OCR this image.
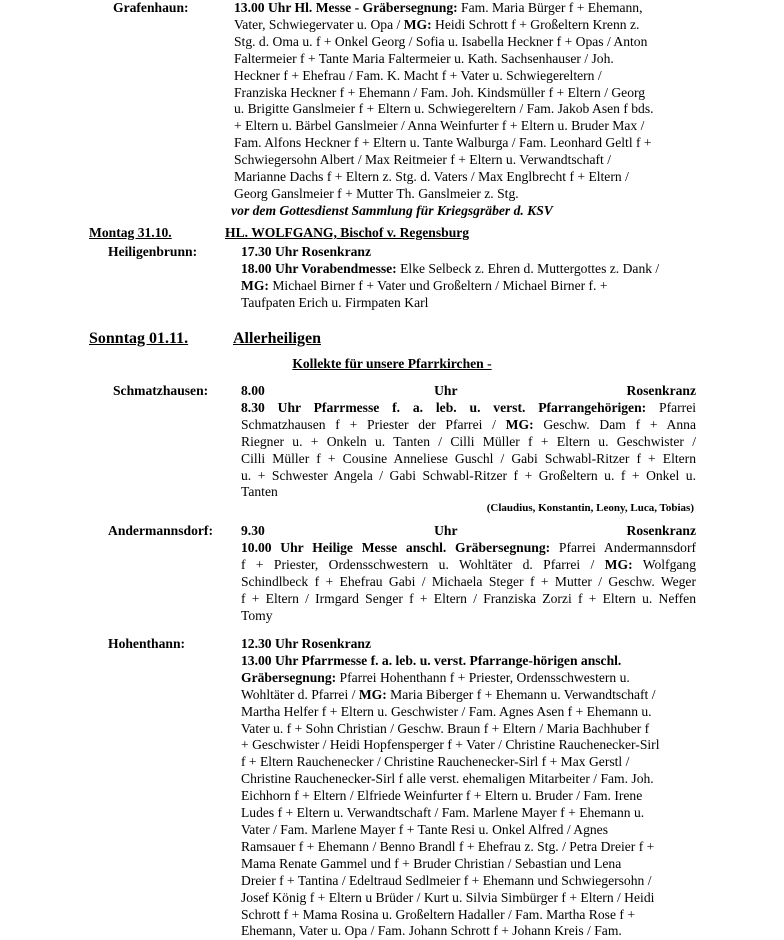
Grafenhaun:	13.00 Uhr Hl. Messe - Gräbersegnung: Fam. Maria Bürger f + Ehemann,
Vater, Schwiegervater u. Opa / MG: Heidi Schrott f + Großeltern Krenn z.
Stg. d. Oma u. f + Onkel Georg / Sofia u. Isabella Heckner f + Opas / Anton
Faltermeier f + Tante Maria Faltermeier u. Kath. Sachsenhauser / Joh.
Heckner f + Ehefrau / Fam. K. Macht f + Vater u. Schwiegereltern /
Franziska Heckner f + Ehemann / Fam. Joh. Kindsmüller f + Eltern / Georg
u. Brigitte Ganslmeier f + Eltern u. Schwiegereltern / Fam. Jakob Asen f bds.
+ Eltern u. Bärbel Ganslmeier / Anna Weinfurter f + Eltern u. Bruder Max /
Fam. Alfons Heckner f + Eltern u. Tante Walburga / Fam. Leonhard Geltl f +
Schwiegersohn Albert / Max Reitmeier f + Eltern u. Verwandtschaft /
Marianne Dachs f + Eltern z. Stg. d. Vaters / Max Englbrecht f + Eltern /
Georg Ganslmeier f + Mutter Th. Ganslmeier z. Stg.
vor dem Gottesdienst Sammlung für Kriegsgräber d. KSV
Montag 31.10.	HL. WOLFGANG, Bischof v. Regensburg
Heiligenbrunn:	17.30 Uhr Rosenkranz
18.00 Uhr Vorabendmesse: Elke Selbeck z. Ehren d. Muttergottes z. Dank /
MG: Michael Birner f + Vater und Großeltern / Michael Birner f. +
Taufpaten Erich u. Firmpaten Karl
Sonntag 01.11.	Allerheiligen
Kollekte für unsere Pfarrkirchen -
Schmatzhausen: 8.00 Uhr Rosenkranz
8.30 Uhr Pfarrmesse f. a. leb. u. verst. Pfarrangehörigen: Pfarrei
Schmatzhausen f + Priester der Pfarrei / MG: Geschw. Dam f + Anna
Riegner u. + Onkeln u. Tanten / Cilli Müller f + Eltern u. Geschwister /
Cilli Müller f + Cousine Anneliese Guschl / Gabi Schwabl-Ritzer f + Eltern
u. + Schwester Angela / Gabi Schwabl-Ritzer f + Großeltern u. f + Onkel u.
Tanten
(Claudius, Konstantin, Leony, Luca, Tobias)
Andermannsdorf: 9.30 Uhr Rosenkranz
10.00 Uhr Heilige Messe anschl. Gräbersegnung: Pfarrei Andermannsdorf
f + Priester, Ordensschwestern u. Wohltäter d. Pfarrei / MG: Wolfgang
Schindlbeck f + Ehefrau Gabi / Michaela Steger f + Mutter / Geschw. Weger
f + Eltern / Irmgard Senger f + Eltern / Franziska Zorzi f + Eltern u. Neffen
Tomy
Hohenthann:	12.30 Uhr Rosenkranz
13.00 Uhr Pfarrmesse f. a. leb. u. verst. Pfarrange-hörigen anschl.
Gräbersegnung: Pfarrei Hohenthann f + Priester, Ordensschwestern u.
Wohltäter d. Pfarrei / MG: Maria Biberger f + Ehemann u. Verwandtschaft /
Martha Helfer f + Eltern u. Geschwister / Fam. Agnes Asen f + Ehemann u.
Vater u. f + Sohn Christian / Geschw. Braun f + Eltern / Maria Bachhuber f
+ Geschwister / Heidi Hopfensperger f + Vater / Christine Rauchenecker-Sirl
f + Eltern Rauchenecker / Christine Rauchenecker-Sirl f + Max Gerstl /
Christine Rauchenecker-Sirl f alle verst. ehemaligen Mitarbeiter / Fam. Joh.
Eichhorn f + Eltern / Elfriede Weinfurter f + Eltern u. Bruder / Fam. Irene
Ludes f + Eltern u. Verwandtschaft / Fam. Marlene Mayer f + Ehemann u.
Vater / Fam. Marlene Mayer f + Tante Resi u. Onkel Alfred / Agnes
Ramsauer f + Ehemann / Benno Brandl f + Ehefrau z. Stg. / Petra Dreier f +
Mama Renate Gammel und f + Bruder Christian / Sebastian und Lena
Dreier f + Tantina / Edeltraud Sedlmeier f + Ehemann und Schwiegersohn /
Josef König f + Eltern u Brüder / Kurt u. Silvia Simbürger f + Eltern / Heidi
Schrott f + Mama Rosina u. Großeltern Hadaller / Fam. Martha Rose f +
Ehemann, Vater u. Opa / Fam. Johann Schrott f + Johann Kreis / Fam.
